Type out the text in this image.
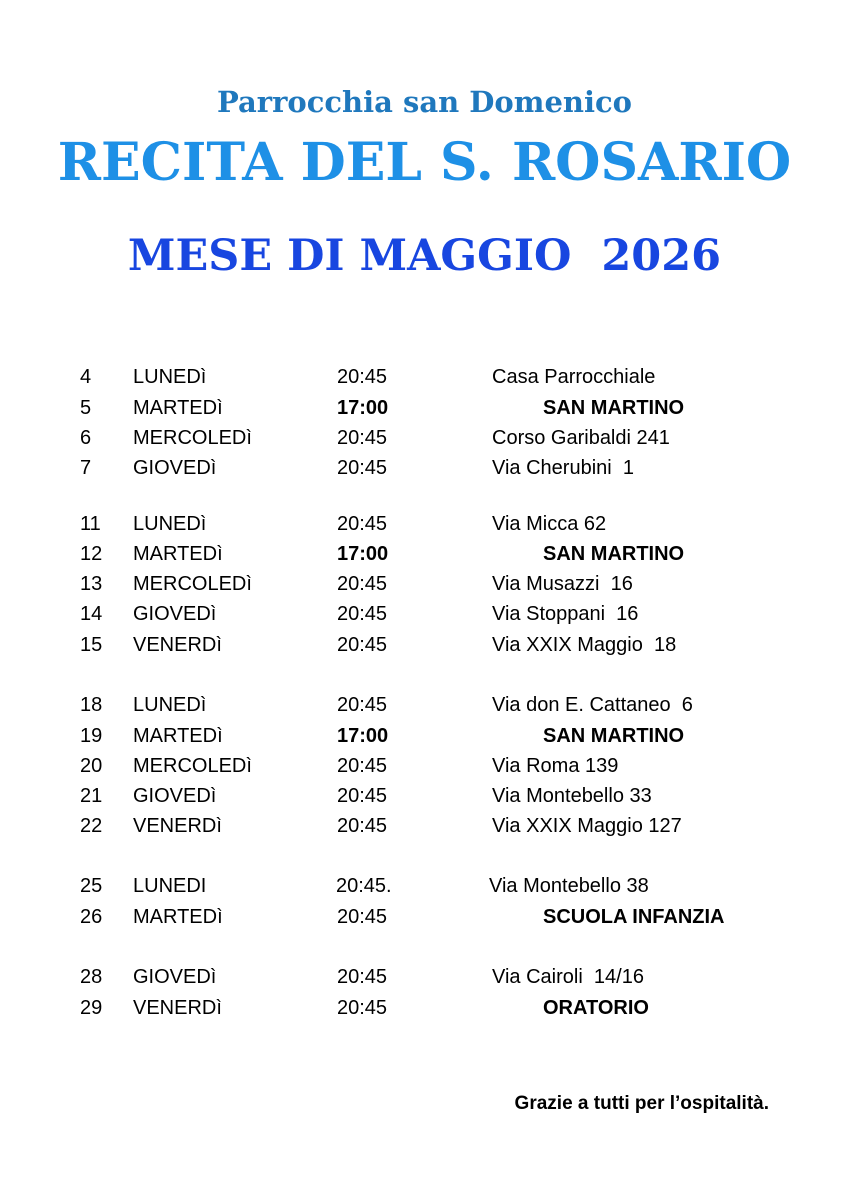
Parrocchia san Domenico
RECITA DEL S. ROSARIO
MESE DI MAGGIO  2026
4 LUNEDì	20:45	Casa Parrocchiale
5 MARTEDì	17:00	SAN MARTINO
6 MERCOLEDì	20:45	Corso Garibaldi 241
7 GIOVEDì	20:45	Via Cherubini  1
11 LUNEDì	20:45	Via Micca 62
12 MARTEDì	17:00	SAN MARTINO
13 MERCOLEDì	20:45	Via Musazzi  16
14 GIOVEDì	20:45	Via Stoppani  16
15 VENERDì	20:45	Via XXIX Maggio  18
18 LUNEDì	20:45	Via don E. Cattaneo  6
19 MARTEDì	17:00	SAN MARTINO
20 MERCOLEDì	20:45	Via Roma 139
21 GIOVEDì	20:45	Via Montebello 33
22 VENERDì	20:45	Via XXIX Maggio 127
25 LUNEDI	20:45.	Via Montebello 38
26 MARTEDì	20:45	SCUOLA INFANZIA
28 GIOVEDì	20:45	Via Cairoli  14/16
29 VENERDì	20:45	ORATORIO
Grazie a tutti per l’ospitalità.
